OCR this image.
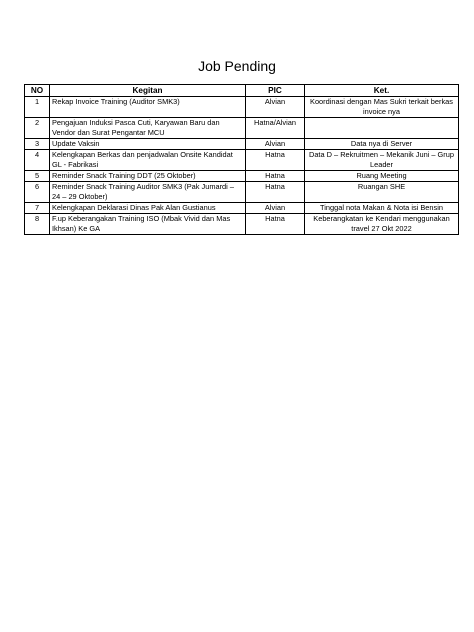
Job Pending
NO	Kegitan	PIC	Ket.
1	Rekap Invoice Training (Auditor SMK3)	Alvian	Koordinasi dengan Mas Sukri terkait berkas invoice nya
2	Pengajuan Induksi Pasca Cuti, Karyawan Baru dan Vendor dan Surat Pengantar MCU	Hatna/Alvian	
3	Update Vaksin	Alvian	Data nya di Server
4	Kelengkapan Berkas dan penjadwalan Onsite Kandidat GL - Fabrikasi	Hatna	Data D – Rekruitmen – Mekanik Juni – Grup Leader
5	Reminder Snack Training DDT (25 Oktober)	Hatna	Ruang Meeting
6	Reminder Snack Training Auditor SMK3 (Pak Jumardi – 24 – 29 Oktober)	Hatna	Ruangan SHE
7	Kelengkapan Deklarasi Dinas Pak Alan Gustianus	Alvian	Tinggal nota Makan & Nota isi Bensin
8	F.up Keberangakan Training ISO (Mbak Vivid dan Mas Ikhsan) Ke GA	Hatna	Keberangkatan ke Kendari menggunakan travel 27 Okt 2022
